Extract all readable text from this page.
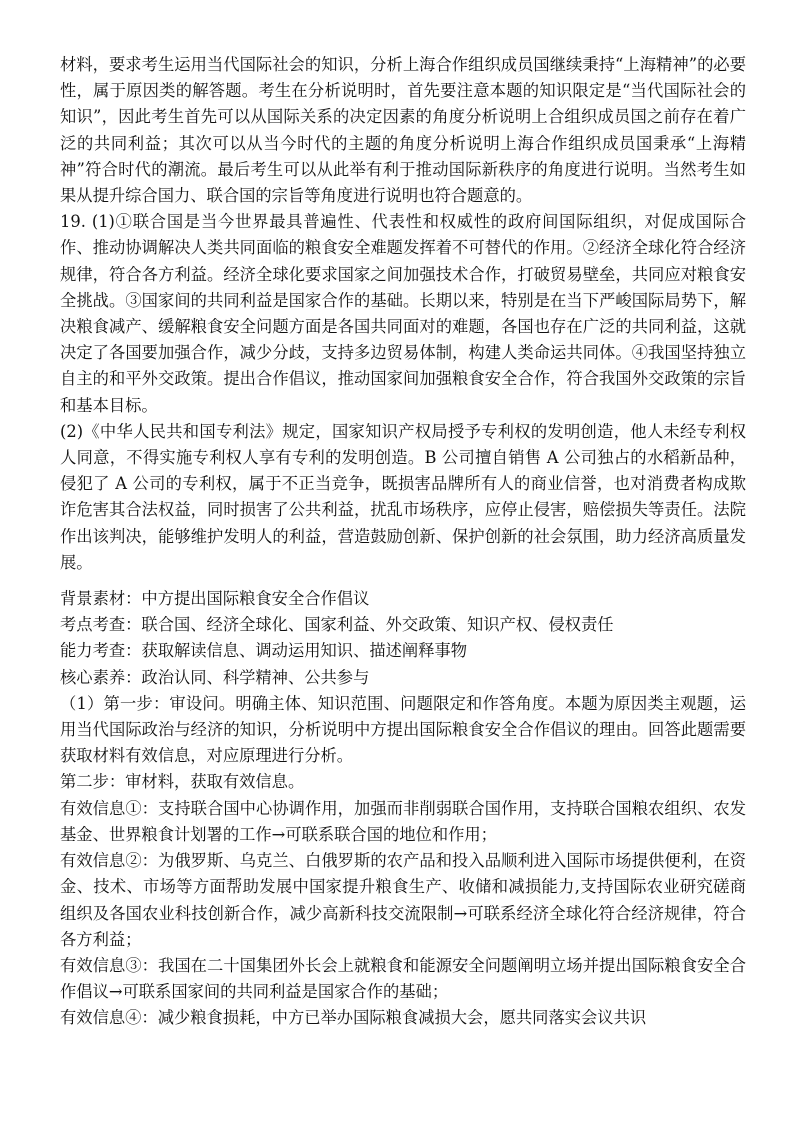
材料，要求考生运用当代国际社会的知识，分析上海合作组织成员国继续秉持“上海精神”的必要性，属于原因类的解答题。考生在分析说明时，首先要注意本题的知识限定是“当代国际社会的知识”，因此考生首先可以从国际关系的决定因素的角度分析说明上合组织成员国之前存在着广泛的共同利益；其次可以从当今时代的主题的角度分析说明上海合作组织成员国秉承“上海精神”符合时代的潮流。最后考生可以从此举有利于推动国际新秩序的角度进行说明。当然考生如果从提升综合国力、联合国的宗旨等角度进行说明也符合题意的。

19. (1)①联合国是当今世界最具普遍性、代表性和权威性的政府间国际组织，对促成国际合作、推动协调解决人类共同面临的粮食安全难题发挥着不可替代的作用。②经济全球化符合经济规律，符合各方利益。经济全球化要求国家之间加强技术合作，打破贸易壁垒，共同应对粮食安全挑战。③国家间的共同利益是国家合作的基础。长期以来，特别是在当下严峻国际局势下，解决粮食减产、缓解粮食安全问题方面是各国共同面对的难题，各国也存在广泛的共同利益，这就决定了各国要加强合作，减少分歧，支持多边贸易体制，构建人类命运共同体。④我国坚持独立自主的和平外交政策。提出合作倡议，推动国家间加强粮食安全合作，符合我国外交政策的宗旨和基本目标。

(2)《中华人民共和国专利法》规定，国家知识产权局授予专利权的发明创造，他人未经专利权人同意，不得实施专利权人享有专利的发明创造。B 公司擅自销售 A 公司独占的水稻新品种，侵犯了 A 公司的专利权，属于不正当竞争，既损害品牌所有人的商业信誉，也对消费者构成欺诈危害其合法权益，同时损害了公共利益，扰乱市场秩序，应停止侵害，赔偿损失等责任。法院作出该判决，能够维护发明人的利益，营造鼓励创新、保护创新的社会氛围，助力经济高质量发展。

背景素材：中方提出国际粮食安全合作倡议

考点考查：联合国、经济全球化、国家利益、外交政策、知识产权、侵权责任

能力考查：获取解读信息、调动运用知识、描述阐释事物

核心素养：政治认同、科学精神、公共参与

（1）第一步：审设问。明确主体、知识范围、问题限定和作答角度。本题为原因类主观题，运用当代国际政治与经济的知识，分析说明中方提出国际粮食安全合作倡议的理由。回答此题需要获取材料有效信息，对应原理进行分析。

第二步：审材料，获取有效信息。

有效信息①：支持联合国中心协调作用，加强而非削弱联合国作用，支持联合国粮农组织、农发基金、世界粮食计划署的工作→可联系联合国的地位和作用；

有效信息②：为俄罗斯、乌克兰、白俄罗斯的农产品和投入品顺利进入国际市场提供便利，在资金、技术、市场等方面帮助发展中国家提升粮食生产、收储和减损能力,支持国际农业研究磋商组织及各国农业科技创新合作，减少高新科技交流限制→可联系经济全球化符合经济规律，符合各方利益；

有效信息③：我国在二十国集团外长会上就粮食和能源安全问题阐明立场并提出国际粮食安全合作倡议→可联系国家间的共同利益是国家合作的基础；

有效信息④：减少粮食损耗，中方已举办国际粮食减损大会，愿共同落实会议共识
